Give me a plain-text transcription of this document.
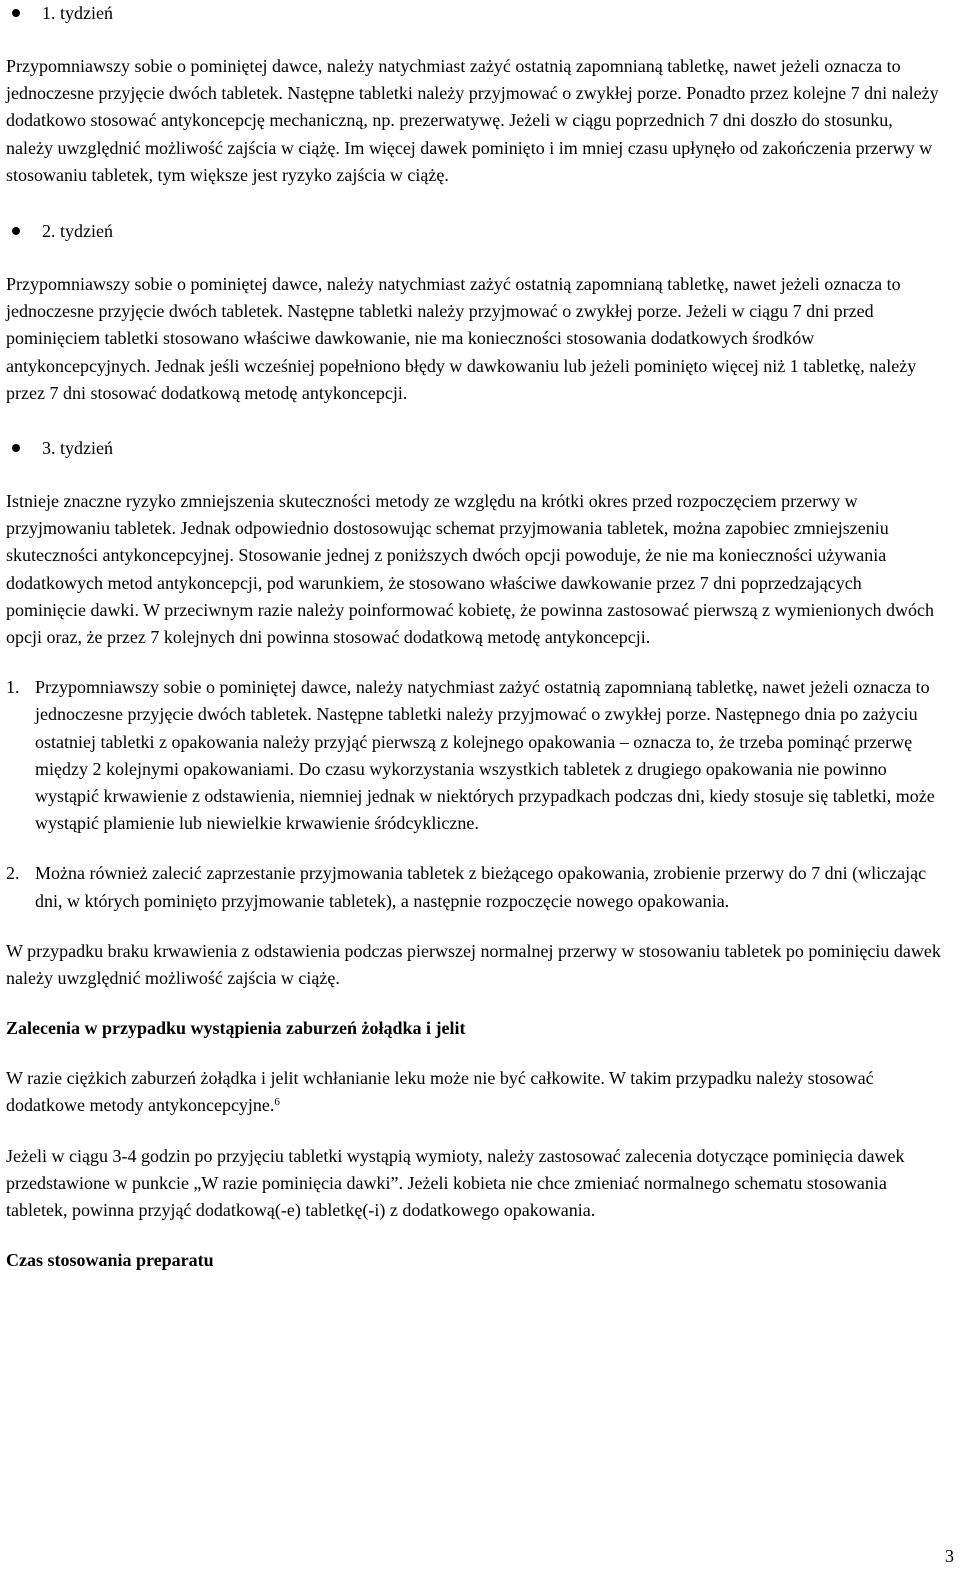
1. tydzień

Przypomniawszy sobie o pominiętej dawce, należy natychmiast zażyć ostatnią zapomnianą tabletkę, nawet jeżeli oznacza to jednoczesne przyjęcie dwóch tabletek. Następne tabletki należy przyjmować o zwykłej porze. Ponadto przez kolejne 7 dni należy dodatkowo stosować antykoncepcję mechaniczną, np. prezerwatywę. Jeżeli w ciągu poprzednich 7 dni doszło do stosunku, należy uwzględnić możliwość zajścia w ciążę. Im więcej dawek pominięto i im mniej czasu upłynęło od zakończenia przerwy w stosowaniu tabletek, tym większe jest ryzyko zajścia w ciążę.

2. tydzień

Przypomniawszy sobie o pominiętej dawce, należy natychmiast zażyć ostatnią zapomnianą tabletkę, nawet jeżeli oznacza to jednoczesne przyjęcie dwóch tabletek. Następne tabletki należy przyjmować o zwykłej porze. Jeżeli w ciągu 7 dni przed pominięciem tabletki stosowano właściwe dawkowanie, nie ma konieczności stosowania dodatkowych środków antykoncepcyjnych. Jednak jeśli wcześniej popełniono błędy w dawkowaniu lub jeżeli pominięto więcej niż 1 tabletkę, należy przez 7 dni stosować dodatkową metodę antykoncepcji.

3. tydzień

Istnieje znaczne ryzyko zmniejszenia skuteczności metody ze względu na krótki okres przed rozpoczęciem przerwy w przyjmowaniu tabletek. Jednak odpowiednio dostosowując schemat przyjmowania tabletek, można zapobiec zmniejszeniu skuteczności antykoncepcyjnej. Stosowanie jednej z poniższych dwóch opcji powoduje, że nie ma konieczności używania dodatkowych metod antykoncepcji, pod warunkiem, że stosowano właściwe dawkowanie przez 7 dni poprzedzających pominięcie dawki. W przeciwnym razie należy poinformować kobietę, że powinna zastosować pierwszą z wymienionych dwóch opcji oraz, że przez 7 kolejnych dni powinna stosować dodatkową metodę antykoncepcji.

1. Przypomniawszy sobie o pominiętej dawce, należy natychmiast zażyć ostatnią zapomnianą tabletkę, nawet jeżeli oznacza to jednoczesne przyjęcie dwóch tabletek. Następne tabletki należy przyjmować o zwykłej porze. Następnego dnia po zażyciu ostatniej tabletki z opakowania należy przyjąć pierwszą z kolejnego opakowania – oznacza to, że trzeba pominąć przerwę między 2 kolejnymi opakowaniami. Do czasu wykorzystania wszystkich tabletek z drugiego opakowania nie powinno wystąpić krwawienie z odstawienia, niemniej jednak w niektórych przypadkach podczas dni, kiedy stosuje się tabletki, może wystąpić plamienie lub niewielkie krwawienie śródcykliczne.

2. Można również zalecić zaprzestanie przyjmowania tabletek z bieżącego opakowania, zrobienie przerwy do 7 dni (wliczając dni, w których pominięto przyjmowanie tabletek), a następnie rozpoczęcie nowego opakowania.

W przypadku braku krwawienia z odstawienia podczas pierwszej normalnej przerwy w stosowaniu tabletek po pominięciu dawek należy uwzględnić możliwość zajścia w ciążę.

Zalecenia w przypadku wystąpienia zaburzeń żołądka i jelit

W razie ciężkich zaburzeń żołądka i jelit wchłanianie leku może nie być całkowite. W takim przypadku należy stosować dodatkowe metody antykoncepcyjne.$^6$

Jeżeli w ciągu 3-4 godzin po przyjęciu tabletki wystąpią wymioty, należy zastosować zalecenia dotyczące pominięcia dawek przedstawione w punkcie „W razie pominięcia dawki”. Jeżeli kobieta nie chce zmieniać normalnego schematu stosowania tabletek, powinna przyjąć dodatkową(-e) tabletkę(-i) z dodatkowego opakowania.

Czas stosowania preparatu
3
